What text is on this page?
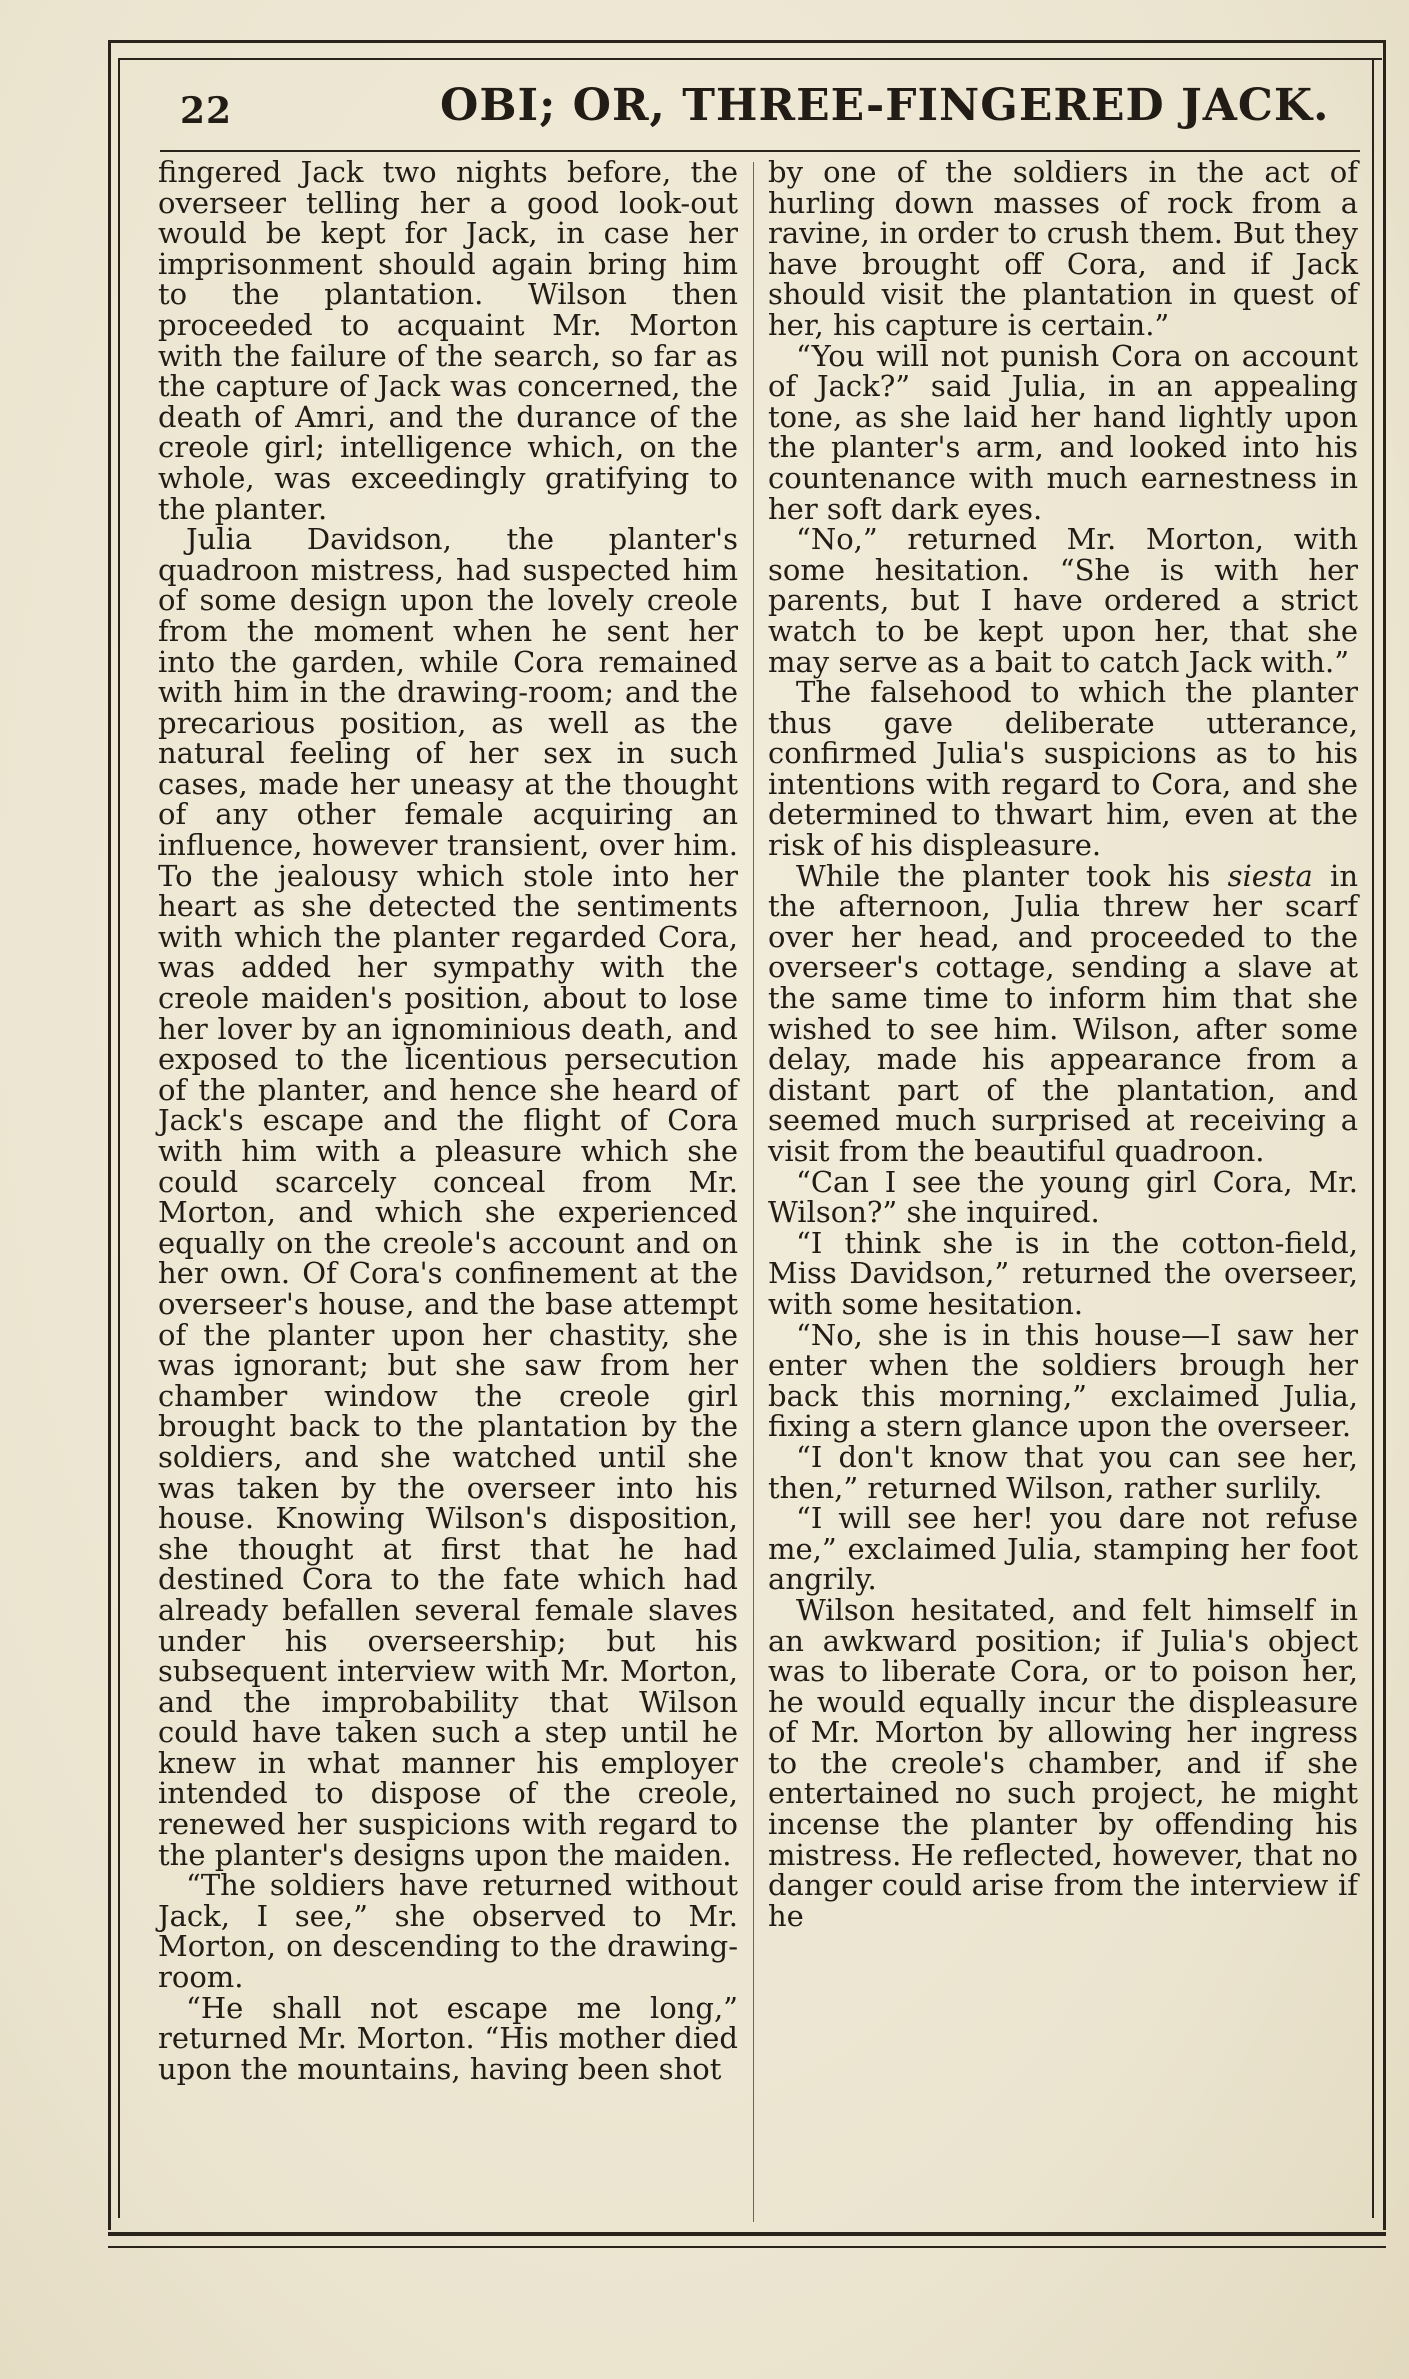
22	OBI; OR, THREE-FINGERED JACK.

fingered Jack two nights before, the overseer telling her a good look-out would be kept for Jack, in case her imprisonment should again bring him to the plantation. Wilson then proceeded to acquaint Mr. Morton with the failure of the search, so far as the capture of Jack was concerned, the death of Amri, and the durance of the creole girl; intelligence which, on the whole, was exceedingly gratifying to the planter.

Julia Davidson, the planter's quadroon mistress, had suspected him of some design upon the lovely creole from the moment when he sent her into the garden, while Cora remained with him in the drawing-room; and the precarious position, as well as the natural feeling of her sex in such cases, made her uneasy at the thought of any other female acquiring an influence, however transient, over him. To the jealousy which stole into her heart as she detected the sentiments with which the planter regarded Cora, was added her sympathy with the creole maiden's position, about to lose her lover by an ignominious death, and exposed to the licentious persecution of the planter, and hence she heard of Jack's escape and the flight of Cora with him with a pleasure which she could scarcely conceal from Mr. Morton, and which she experienced equally on the creole's account and on her own. Of Cora's confinement at the overseer's house, and the base attempt of the planter upon her chastity, she was ignorant; but she saw from her chamber window the creole girl brought back to the plantation by the soldiers, and she watched until she was taken by the overseer into his house. Knowing Wilson's disposition, she thought at first that he had destined Cora to the fate which had already befallen several female slaves under his overseership; but his subsequent interview with Mr. Morton, and the improbability that Wilson could have taken such a step until he knew in what manner his employer intended to dispose of the creole, renewed her suspicions with regard to the planter's designs upon the maiden.

“The soldiers have returned without Jack, I see,” she observed to Mr. Morton, on descending to the drawing-room.

“He shall not escape me long,” returned Mr. Morton. “His mother died upon the mountains, having been shot

by one of the soldiers in the act of hurling down masses of rock from a ravine, in order to crush them. But they have brought off Cora, and if Jack should visit the plantation in quest of her, his capture is certain.”

“You will not punish Cora on account of Jack?” said Julia, in an appealing tone, as she laid her hand lightly upon the planter's arm, and looked into his countenance with much earnestness in her soft dark eyes.

“No,” returned Mr. Morton, with some hesitation. “She is with her parents, but I have ordered a strict watch to be kept upon her, that she may serve as a bait to catch Jack with.”

The falsehood to which the planter thus gave deliberate utterance, confirmed Julia's suspicions as to his intentions with regard to Cora, and she determined to thwart him, even at the risk of his displeasure.

While the planter took his siesta in the afternoon, Julia threw her scarf over her head, and proceeded to the overseer's cottage, sending a slave at the same time to inform him that she wished to see him. Wilson, after some delay, made his appearance from a distant part of the plantation, and seemed much surprised at receiving a visit from the beautiful quadroon.

“Can I see the young girl Cora, Mr. Wilson?” she inquired.

“I think she is in the cotton-field, Miss Davidson,” returned the overseer, with some hesitation.

“No, she is in this house—I saw her enter when the soldiers brough her back this morning,” exclaimed Julia, fixing a stern glance upon the overseer.

“I don't know that you can see her, then,” returned Wilson, rather surlily.

“I will see her! you dare not refuse me,” exclaimed Julia, stamping her foot angrily.

Wilson hesitated, and felt himself in an awkward position; if Julia's object was to liberate Cora, or to poison her, he would equally incur the displeasure of Mr. Morton by allowing her ingress to the creole's chamber, and if she entertained no such project, he might incense the planter by offending his mistress. He reflected, however, that no danger could arise from the interview if he
